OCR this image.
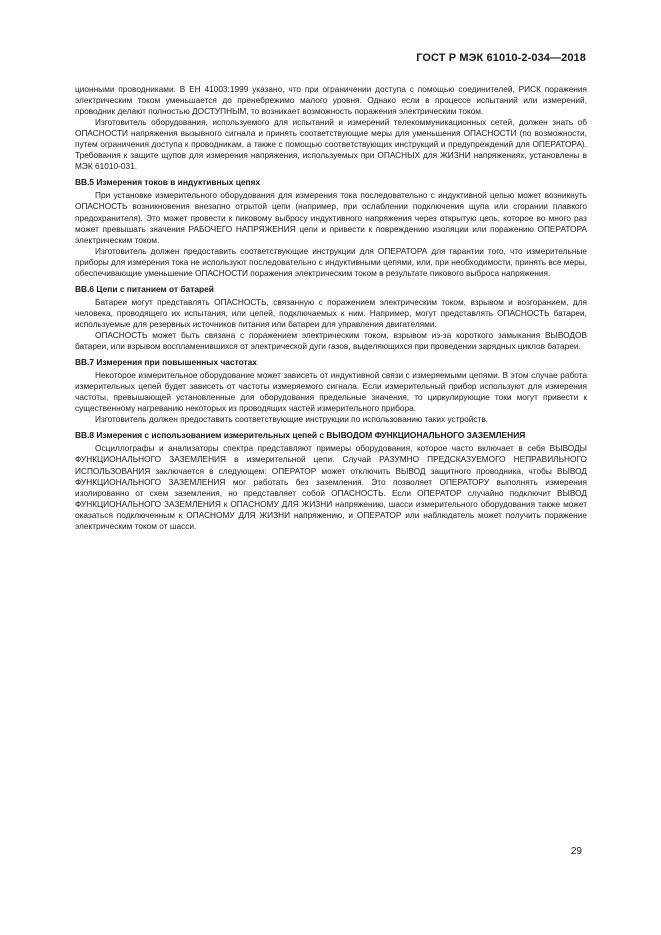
ГОСТ Р МЭК 61010-2-034—2018

ционными проводниками. В ЕН 41003:1999 указано, что при ограничении доступа с помощью соединителей, РИСК поражения электрическим током уменьшается до пренебрежимо малого уровня. Однако если в процессе испытаний или измерений, проводник делают полностью ДОСТУПНЫМ, то возникает возможность поражения электрическим током.

Изготовитель оборудования, используемого для испытаний и измерений телекоммуникационных сетей, должен знать об ОПАСНОСТИ напряжения вызывного сигнала и принять соответствующие меры для уменьшения ОПАСНОСТИ (по возможности, путем ограничения доступа к проводникам, а также с помощью соответствующих инструкций и предупреждений для ОПЕРАТОРА). Требования к защите щупов для измерения напряжения, используемых при ОПАСНЫХ для ЖИЗНИ напряжениях, установлены в МЭК 61010-031.

ВВ.5 Измерения токов в индуктивных цепях

При установке измерительного оборудования для измерения тока последовательно с индуктивной цепью может возникнуть ОПАСНОСТЬ возникновения внезапно отрытой цепи (например, при ослаблении подключения щупа или сгорании плавкого предохранителя). Это может провести к пиковому выбросу индуктивного напряжения через открытую цепь, которое во много раз может превышать значения РАБОЧЕГО НАПРЯЖЕНИЯ цепи и привести к повреждению изоляции или поражению ОПЕРАТОРА электрическим током.

Изготовитель должен предоставить соответствующие инструкции для ОПЕРАТОРА для гарантии того, что измерительные приборы для измерения тока не используют последовательно с индуктивными цепями, или, при необходимости, принять все меры, обеспечивающие уменьшение ОПАСНОСТИ поражения электрическим током в результате пикового выброса напряжения.

ВВ.6 Цепи с питанием от батарей

Батареи могут представлять ОПАСНОСТЬ, связанную с поражением электрическим током, взрывом и возгоранием, для человека, проводящего их испытания, или цепей, подключаемых к ним. Например, могут представлять ОПАСНОСТЬ батареи, используемые для резервных источников питания или батареи для управления двигателями.

ОПАСНОСТЬ может быть связана с поражением электрическим током, взрывом из-за короткого замыкания ВЫВОДОВ батареи, или взрывом воспламенившихся от электрической дуги газов, выделяющихся при проведении зарядных циклов батареи.

ВВ.7 Измерения при повышенных частотах

Некоторое измерительное оборудование может зависеть от индуктивной связи с измеряемыми цепями. В этом случае работа измерительных цепей будет зависеть от частоты измеряемого сигнала. Если измерительный прибор используют для измерения частоты, превышающей установленные для оборудования предельные значения, то циркулирующие токи могут привести к существенному нагреванию некоторых из проводящих частей измерительного прибора.

Изготовитель должен предоставить соответствующие инструкции по использованию таких устройств.

ВВ.8 Измерения с использованием измерительных цепей с ВЫВОДОМ ФУНКЦИОНАЛЬНОГО ЗАЗЕМЛЕНИЯ

Осциллографы и анализаторы спектра представляют примеры оборудования, которое часто включает в себя ВЫВОДЫ ФУНКЦИОНАЛЬНОГО ЗАЗЕМЛЕНИЯ в измерительной цепи. Случай РАЗУМНО ПРЕДСКАЗУЕМОГО НЕПРАВИЛЬНОГО ИСПОЛЬЗОВАНИЯ заключается в следующем: ОПЕРАТОР может отключить ВЫВОД защитного проводника, чтобы ВЫВОД ФУНКЦИОНАЛЬНОГО ЗАЗЕМЛЕНИЯ мог работать без заземления. Это позволяет ОПЕРАТОРУ выполнять измерения изолированно от схем заземления, но представляет собой ОПАСНОСТЬ. Если ОПЕРАТОР случайно подключит ВЫВОД ФУНКЦИОНАЛЬНОГО ЗАЗЕМЛЕНИЯ к ОПАСНОМУ ДЛЯ ЖИЗНИ напряжению, шасси измерительного оборудования также может оказаться подключенным к ОПАСНОМУ ДЛЯ ЖИЗНИ напряжению, и ОПЕРАТОР или наблюдатель может получить поражение электрическим током от шасси.

29
